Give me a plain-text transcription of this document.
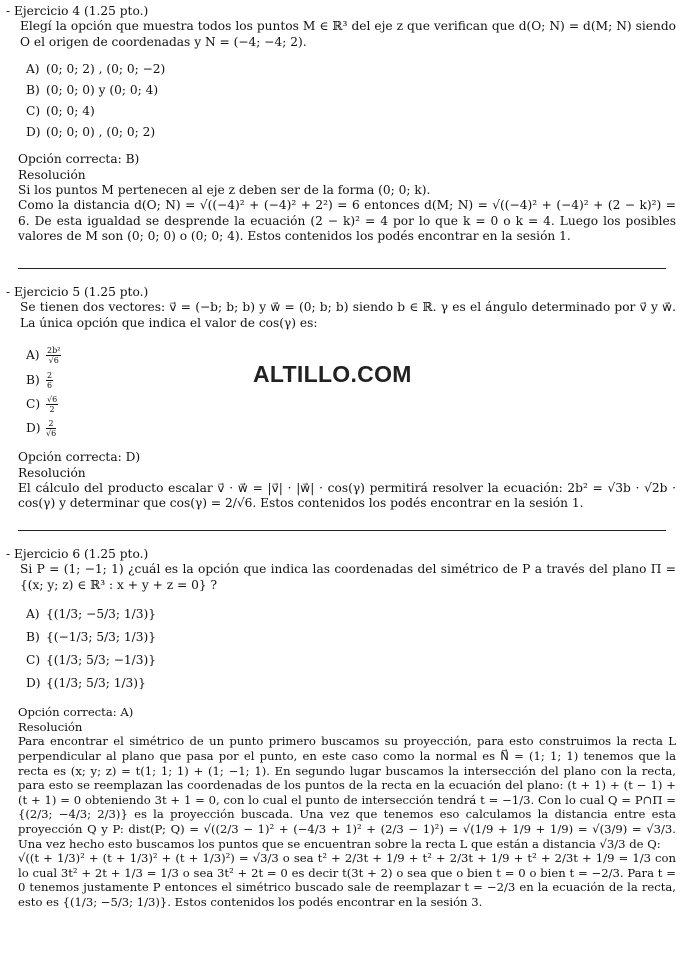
- Ejercicio 4 (1.25 pto.)
Elegí la opción que muestra todos los puntos M ∈ ℝ³ del eje z que verifican que d(O; N) = d(M; N) siendo O el origen de coordenadas y N = (−4; −4; 2).
A) (0; 0; 2) , (0; 0; −2)
B) (0; 0; 0) y (0; 0; 4)
C) (0; 0; 4)
D) (0; 0; 0) , (0; 0; 2)

Opción correcta: B)

Resolución

Si los puntos M pertenecen al eje z deben ser de la forma (0; 0; k).

Como la distancia d(O; N) = √((−4)² + (−4)² + 2²) = 6 entonces d(M; N) = √((−4)² + (−4)² + (2 − k)²) = 6. De esta igualdad se desprende la ecuación (2 − k)² = 4 por lo que k = 0 o k = 4. Luego los posibles valores de M son (0; 0; 0) o (0; 0; 4). Estos contenidos los podés encontrar en la sesión 1.

- Ejercicio 5 (1.25 pto.)
Se tienen dos vectores: v⃗ = (−b; b; b) y w⃗ = (0; b; b) siendo b ∈ ℝ. γ es el ángulo determinado por v⃗ y w⃗. La única opción que indica el valor de cos(γ) es:
$A) \frac{\text{2b²}}{√6}$
$B) \frac{2}{6}$
$C) \frac{√6}{2}$
$D) \frac{2}{√6}$

Opción correcta: D)

Resolución

El cálculo del producto escalar v⃗ · w⃗ = |v⃗| · |w⃗| · cos(γ) permitirá resolver la ecuación: 2b² = √3b · √2b · cos(γ) y determinar que cos(γ) = 2/√6. Estos contenidos los podés encontrar en la sesión 1.

ALTILLO.COM
- Ejercicio 6 (1.25 pto.)
Si P = (1; −1; 1) ¿cuál es la opción que indica las coordenadas del simétrico de P a través del plano Π = {(x; y; z) ∈ ℝ³ : x + y + z = 0} ?
A) {(1/3; −5/3; 1/3)}
B) {(−1/3; 5/3; 1/3)}
C) {(1/3; 5/3; −1/3)}
D) {(1/3; 5/3; 1/3)}

Opción correcta: A)

Resolución

Para encontrar el simétrico de un punto primero buscamos su proyección, para esto construimos la recta L perpendicular al plano que pasa por el punto, en este caso como la normal es N⃗ = (1; 1; 1) tenemos que la recta es (x; y; z) = t(1; 1; 1) + (1; −1; 1). En segundo lugar buscamos la intersección del plano con la recta, para esto se reemplazan las coordenadas de los puntos de la recta en la ecuación del plano: (t + 1) + (t − 1) + (t + 1) = 0 obteniendo 3t + 1 = 0, con lo cual el punto de intersección tendrá t = −1/3. Con lo cual Q = P∩Π = {(2/3; −4/3; 2/3)} es la proyección buscada. Una vez que tenemos eso calculamos la distancia entre esta proyección Q y P: dist(P; Q) = √((2/3 − 1)² + (−4/3 + 1)² + (2/3 − 1)²) = √(1/9 + 1/9 + 1/9) = √(3/9) = √3/3. Una vez hecho esto buscamos los puntos que se encuentran sobre la recta L que están a distancia √3/3 de Q:

√((t + 1/3)² + (t + 1/3)² + (t + 1/3)²) = √3/3 o sea t² + 2/3t + 1/9 + t² + 2/3t + 1/9 + t² + 2/3t + 1/9 = 1/3 con lo cual 3t² + 2t + 1/3 = 1/3 o sea 3t² + 2t = 0 es decir t(3t + 2) o sea que o bien t = 0 o bien t = −2/3. Para t = 0 tenemos justamente P entonces el simétrico buscado sale de reemplazar t = −2/3 en la ecuación de la recta, esto es {(1/3; −5/3; 1/3)}. Estos contenidos los podés encontrar en la sesión 3.
